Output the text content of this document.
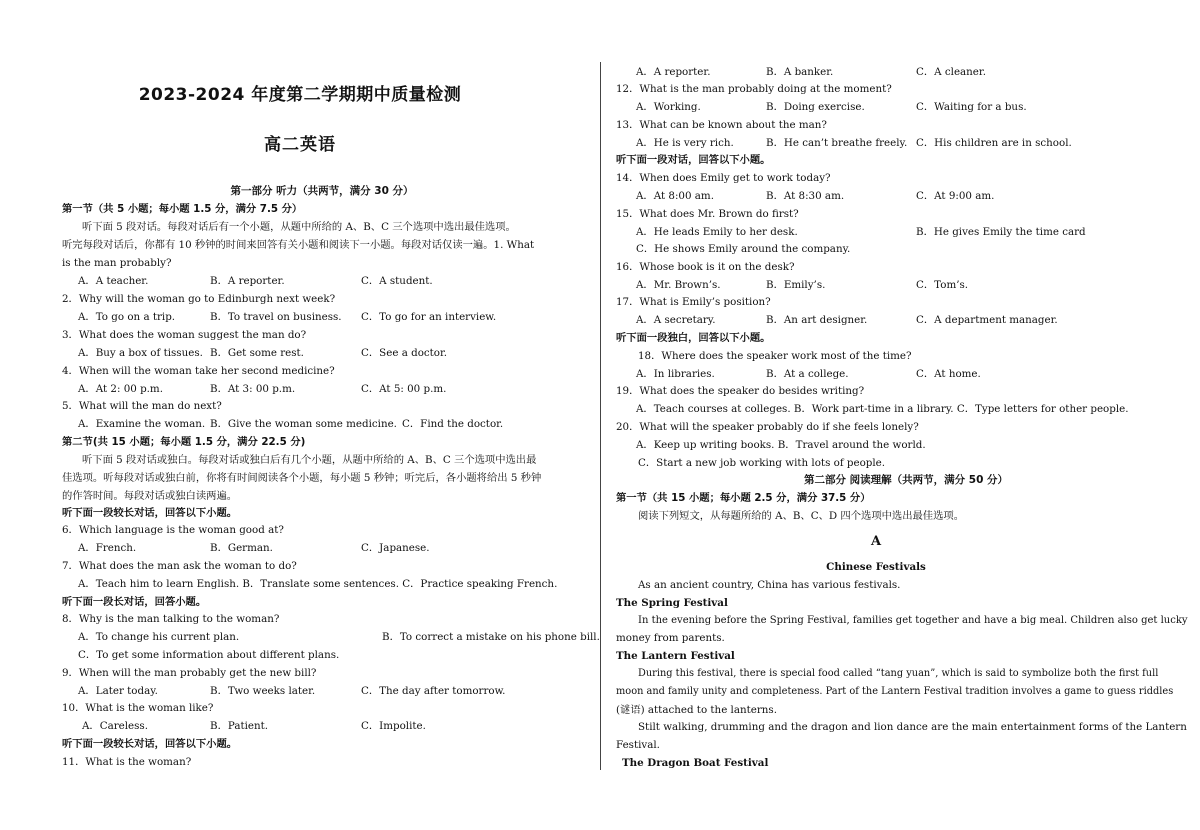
2023-2024 年度第二学期期中质量检测
高二英语
第一部分 听力（共两节，满分 30 分）
第一节（共 5 小题；每小题 1.5 分，满分 7.5 分）
听下面 5 段对话。每段对话后有一个小题，从题中所给的 A、B、C 三个选项中选出最佳选项。
听完每段对话后，你都有 10 秒钟的时间来回答有关小题和阅读下一小题。每段对话仅读一遍。1. What
is the man probably?
A．A teacher.	B．A reporter.	C．A student.
2．Why will the woman go to Edinburgh next week?
A．To go on a trip.	B．To travel on business. C．To go for an interview.
3．What does the woman suggest the man do?
A．Buy a box of tissues. B．Get some rest.	C．See a doctor.
4．When will the woman take her second medicine?
A．At 2: 00 p.m.	B．At 3: 00 p.m.	C．At 5: 00 p.m.
5．What will the man do next?
A．Examine the woman. B．Give the woman some medicine. C．Find the doctor.
第二节(共 15 小题；每小题 1.5 分，满分 22.5 分)
听下面 5 段对话或独白。每段对话或独白后有几个小题，从题中所给的 A、B、C 三个选项中选出最
佳选项。听每段对话或独白前，你将有时间阅读各个小题，每小题 5 秒钟；听完后，各小题将给出 5 秒钟
的作答时间。每段对话或独白读两遍。
听下面一段较长对话，回答以下小题。
6．Which language is the woman good at?
A．French.	B．German.	C．Japanese.
7．What does the man ask the woman to do?
A．Teach him to learn English. B．Translate some sentences. C．Practice speaking French.
听下面一段长对话，回答小题。
8．Why is the man talking to the woman?
A．To change his current plan.	B．To correct a mistake on his phone bill.
C．To get some information about different plans.
9．When will the man probably get the new bill?
A．Later today.	B．Two weeks later.	C．The day after tomorrow.
10．What is the woman like?
A．Careless.	B．Patient.	C．Impolite.
听下面一段较长对话，回答以下小题。
11．What is the woman?
A．A reporter.	B．A banker.	C．A cleaner.
12．What is the man probably doing at the moment?
A．Working.	B．Doing exercise.	C．Waiting for a bus.
13．What can be known about the man?
A．He is very rich.	B．He can’t breathe freely. C．His children are in school.
听下面一段对话，回答以下小题。
14．When does Emily get to work today?
A．At 8:00 am.	B．At 8:30 am.	C．At 9:00 am.
15．What does Mr. Brown do first?
A．He leads Emily to her desk.	B．He gives Emily the time card
C．He shows Emily around the company.
16．Whose book is it on the desk?
A．Mr. Brown’s.	B．Emily’s.	C．Tom’s.
17．What is Emily’s position?
A．A secretary.	B．An art designer.	C．A department manager.
听下面一段独白，回答以下小题。
18．Where does the speaker work most of the time?
A．In libraries.	B．At a college.	C．At home.
19．What does the speaker do besides writing?
A．Teach courses at colleges. B．Work part-time in a library. C．Type letters for other people.
20．What will the speaker probably do if she feels lonely?
A．Keep up writing books. B．Travel around the world.
C．Start a new job working with lots of people.
第二部分 阅读理解（共两节，满分 50 分）
第一节（共 15 小题；每小题 2.5 分，满分 37.5 分）
阅读下列短文，从每题所给的 A、B、C、D 四个选项中选出最佳选项。
A
Chinese Festivals
As an ancient country, China has various festivals.
The Spring Festival
In the evening before the Spring Festival, families get together and have a big meal. Children also get lucky
money from parents.
The Lantern Festival
During this festival, there is special food called “tang yuan”, which is said to symbolize both the first full
moon and family unity and completeness. Part of the Lantern Festival tradition involves a game to guess riddles
(谜语) attached to the lanterns.
Stilt walking, drumming and the dragon and lion dance are the main entertainment forms of the Lantern
Festival.
The Dragon Boat Festival
